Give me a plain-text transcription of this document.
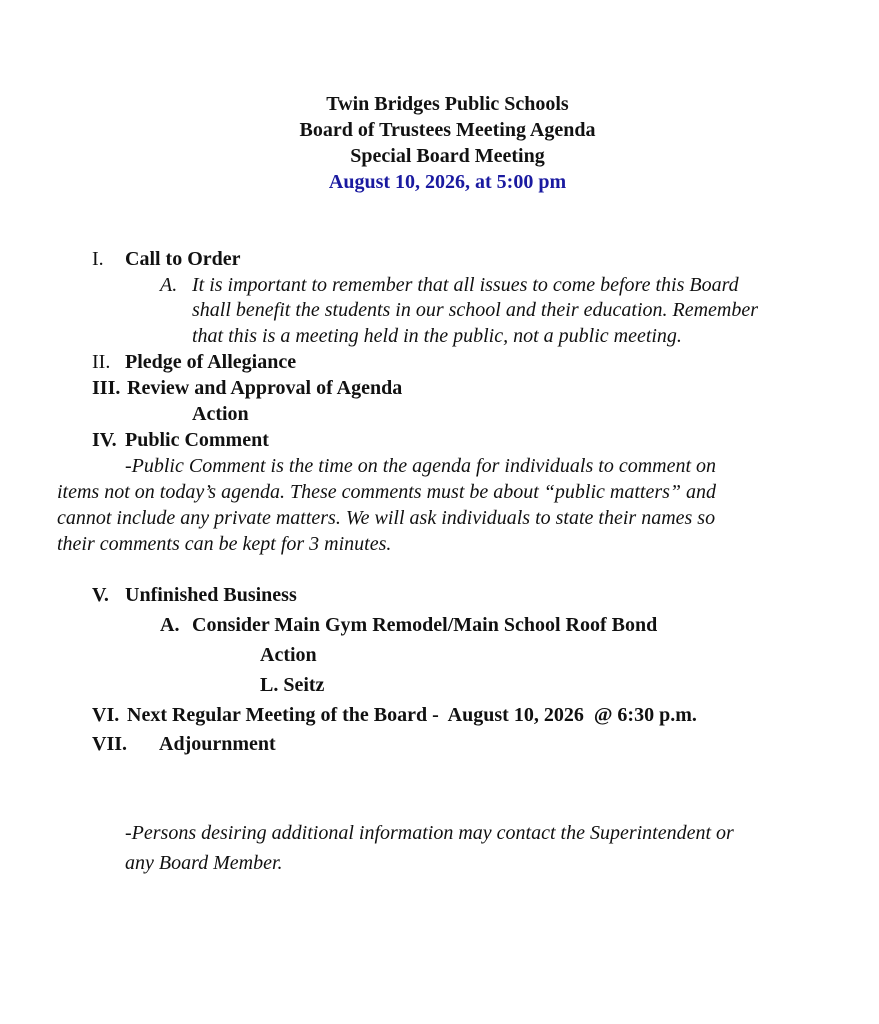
Twin Bridges Public Schools
Board of Trustees Meeting Agenda
Special Board Meeting
August 10, 2026, at 5:00 pm
I. Call to Order
A. It is important to remember that all issues to come before this Board
shall benefit the students in our school and their education. Remember
that this is a meeting held in the public, not a public meeting.
II. Pledge of Allegiance
III. Review and Approval of Agenda
Action
IV. Public Comment
-Public Comment is the time on the agenda for individuals to comment on
items not on today’s agenda. These comments must be about “public matters” and
cannot include any private matters. We will ask individuals to state their names so
their comments can be kept for 3 minutes.
V. Unfinished Business
A. Consider Main Gym Remodel/Main School Roof Bond
Action
L. Seitz
VI. Next Regular Meeting of the Board -  August 10, 2026  @ 6:30 p.m.
VII. Adjournment
-Persons desiring additional information may contact the Superintendent or
any Board Member.
